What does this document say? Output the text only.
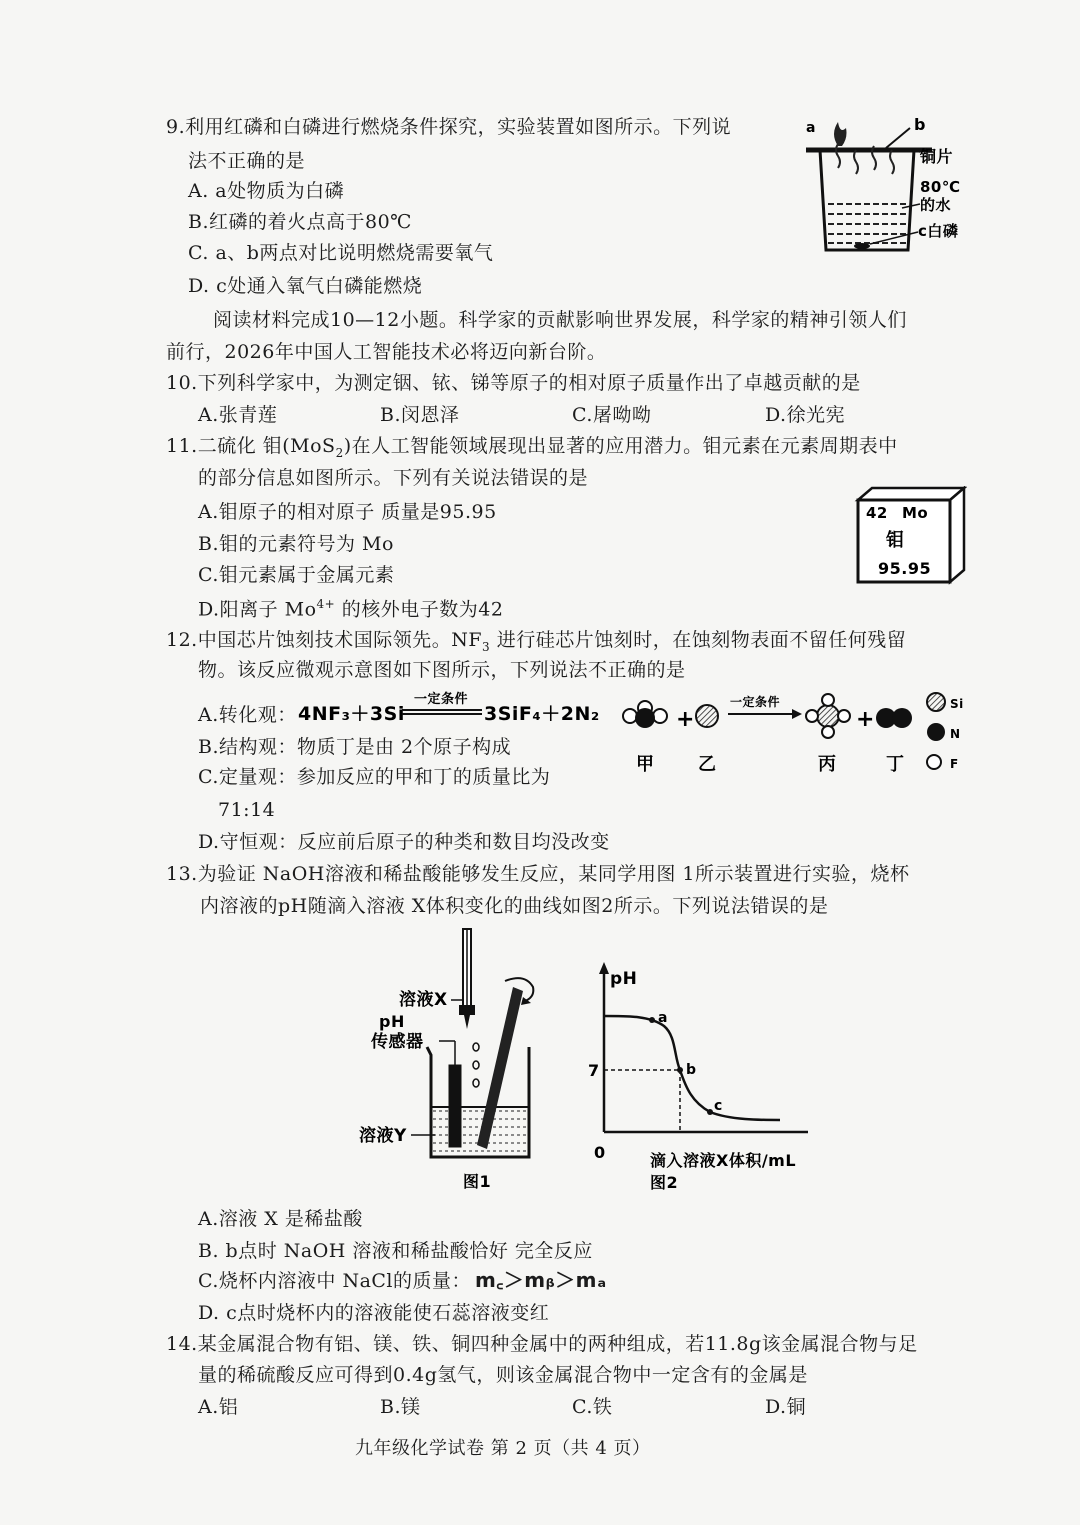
9.利用红磷和白磷进行燃烧条件探究，实验装置如图所示。下列说
法不正确的是
A. a处物质为白磷
B.红磷的着火点高于80℃
C. a、b两点对比说明燃烧需要氧气
D. c处通入氧气白磷能燃烧
a	b
铜片
80℃
的水
c白磷
阅读材料完成10—12小题。科学家的贡献影响世界发展，科学家的精神引领人们
前行，2026年中国人工智能技术必将迈向新台阶。
10.下列科学家中，为测定铟、铱、锑等原子的相对原子质量作出了卓越贡献的是
A.张青莲	B.闵恩泽	C.屠呦呦	D.徐光宪
11.二硫化 钼(MoS$_2$)在人工智能领域展现出显著的应用潜力。钼元素在元素周期表中
的部分信息如图所示。下列有关说法错误的是
A.钼原子的相对原子 质量是95.95
B.钼的元素符号为 Mo
C.钼元素属于金属元素
D.阳离子 $Mo^{4+}$ 的核外电子数为42
42 Mo
钼
95.95
12.中国芯片蚀刻技术国际领先。$NF_3$ 进行硅芯片蚀刻时，在蚀刻物表面不留任何残留
物。该反应微观示意图如下图所示，下列说法不正确的是
A.转化观： 4NF₃＋3Si
一定条件
3SiF₄＋2N₂
B.结构观：物质丁是由 2个原子构成
C.定量观：参加反应的甲和丁的质量比为
71:14
D.守恒观：反应前后原子的种类和数目均没改变
+
一定条件
+
Si
N
F
甲 乙	丙	丁
13.为验证 NaOH溶液和稀盐酸能够发生反应，某同学用图 1所示装置进行实验，烧杯
内溶液的pH随滴入溶液 X体积变化的曲线如图2所示。下列说法错误的是
溶液X
pH
传感器
溶液Y
图1
pH
7
0
a
b
c
滴入溶液X体积/mL
图2
A.溶液 X 是稀盐酸
B. b点时 NaOH 溶液和稀盐酸恰好 完全反应
C.烧杯内溶液中 NaCl的质量： m꜀＞mᵦ＞mₐ
D. c点时烧杯内的溶液能使石蕊溶液变红
14.某金属混合物有铝、镁、铁、铜四种金属中的两种组成，若11.8g该金属混合物与足
量的稀硫酸反应可得到0.4g氢气，则该金属混合物中一定含有的金属是
A.铝	B.镁	C.铁	D.铜
九年级化学试卷 第 2 页（共 4 页）
